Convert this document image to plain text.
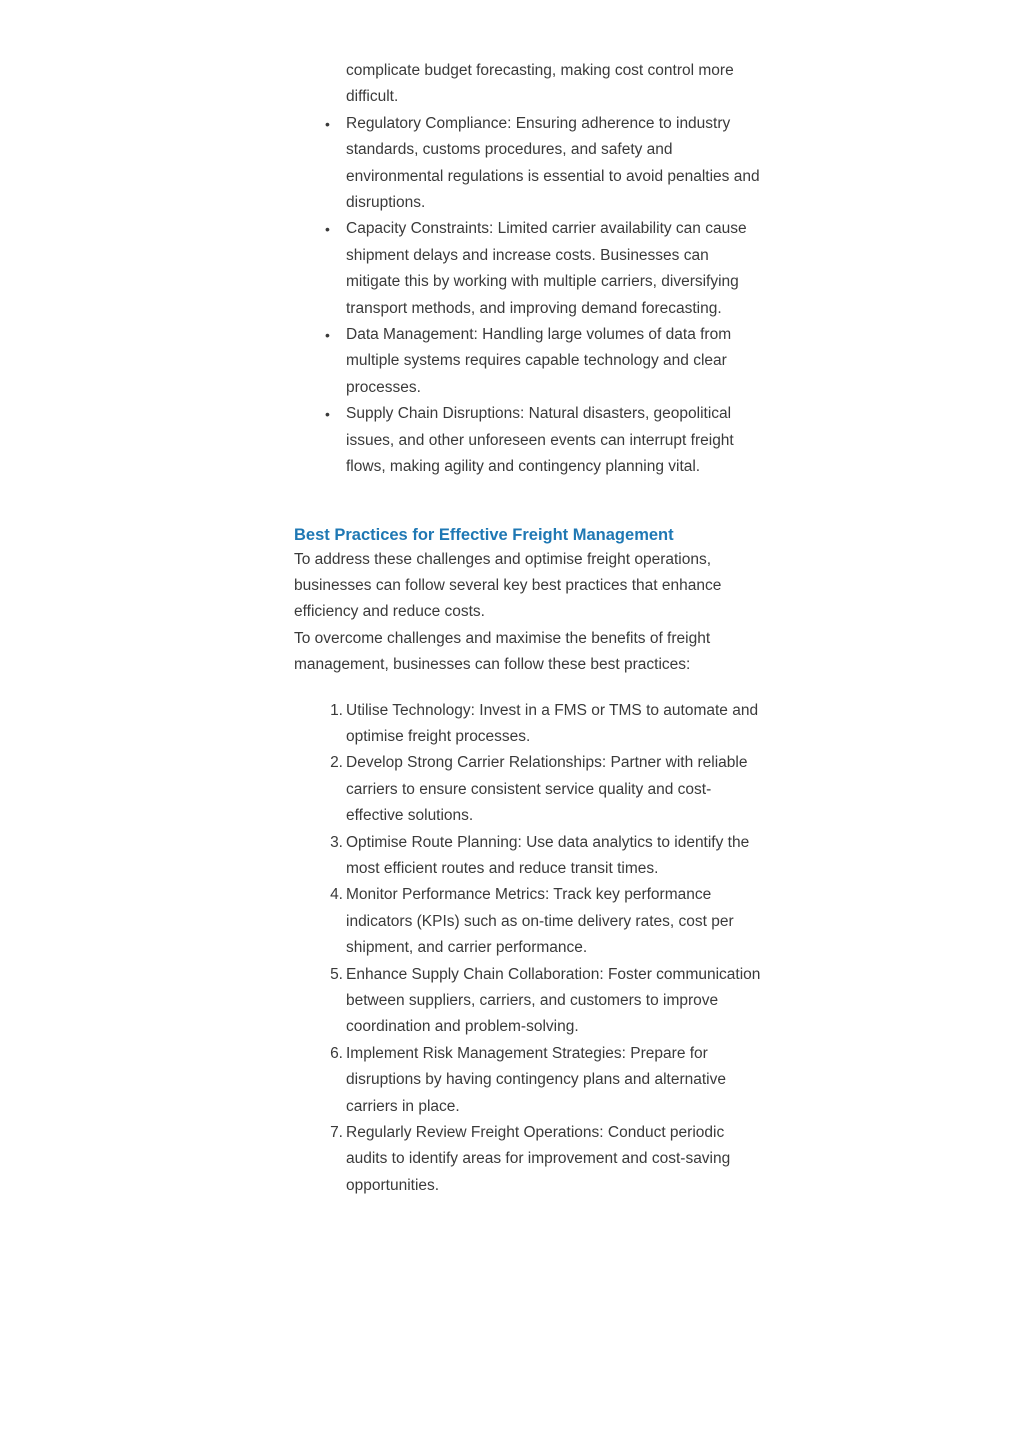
complicate budget forecasting, making cost control more difficult.

• Regulatory Compliance: Ensuring adherence to industry standards, customs procedures, and safety and environmental regulations is essential to avoid penalties and disruptions.
• Capacity Constraints: Limited carrier availability can cause shipment delays and increase costs. Businesses can mitigate this by working with multiple carriers, diversifying transport methods, and improving demand forecasting.
• Data Management: Handling large volumes of data from multiple systems requires capable technology and clear processes.
• Supply Chain Disruptions: Natural disasters, geopolitical issues, and other unforeseen events can interrupt freight flows, making agility and contingency planning vital.
Best Practices for Effective Freight Management

To address these challenges and optimise freight operations, businesses can follow several key best practices that enhance efficiency and reduce costs.

To overcome challenges and maximise the benefits of freight management, businesses can follow these best practices:

1. Utilise Technology: Invest in a FMS or TMS to automate and optimise freight processes.
2. Develop Strong Carrier Relationships: Partner with reliable carriers to ensure consistent service quality and cost-effective solutions.
3. Optimise Route Planning: Use data analytics to identify the most efficient routes and reduce transit times.
4. Monitor Performance Metrics: Track key performance indicators (KPIs) such as on-time delivery rates, cost per shipment, and carrier performance.
5. Enhance Supply Chain Collaboration: Foster communication between suppliers, carriers, and customers to improve coordination and problem-solving.
6. Implement Risk Management Strategies: Prepare for disruptions by having contingency plans and alternative carriers in place.
7. Regularly Review Freight Operations: Conduct periodic audits to identify areas for improvement and cost-saving opportunities.
